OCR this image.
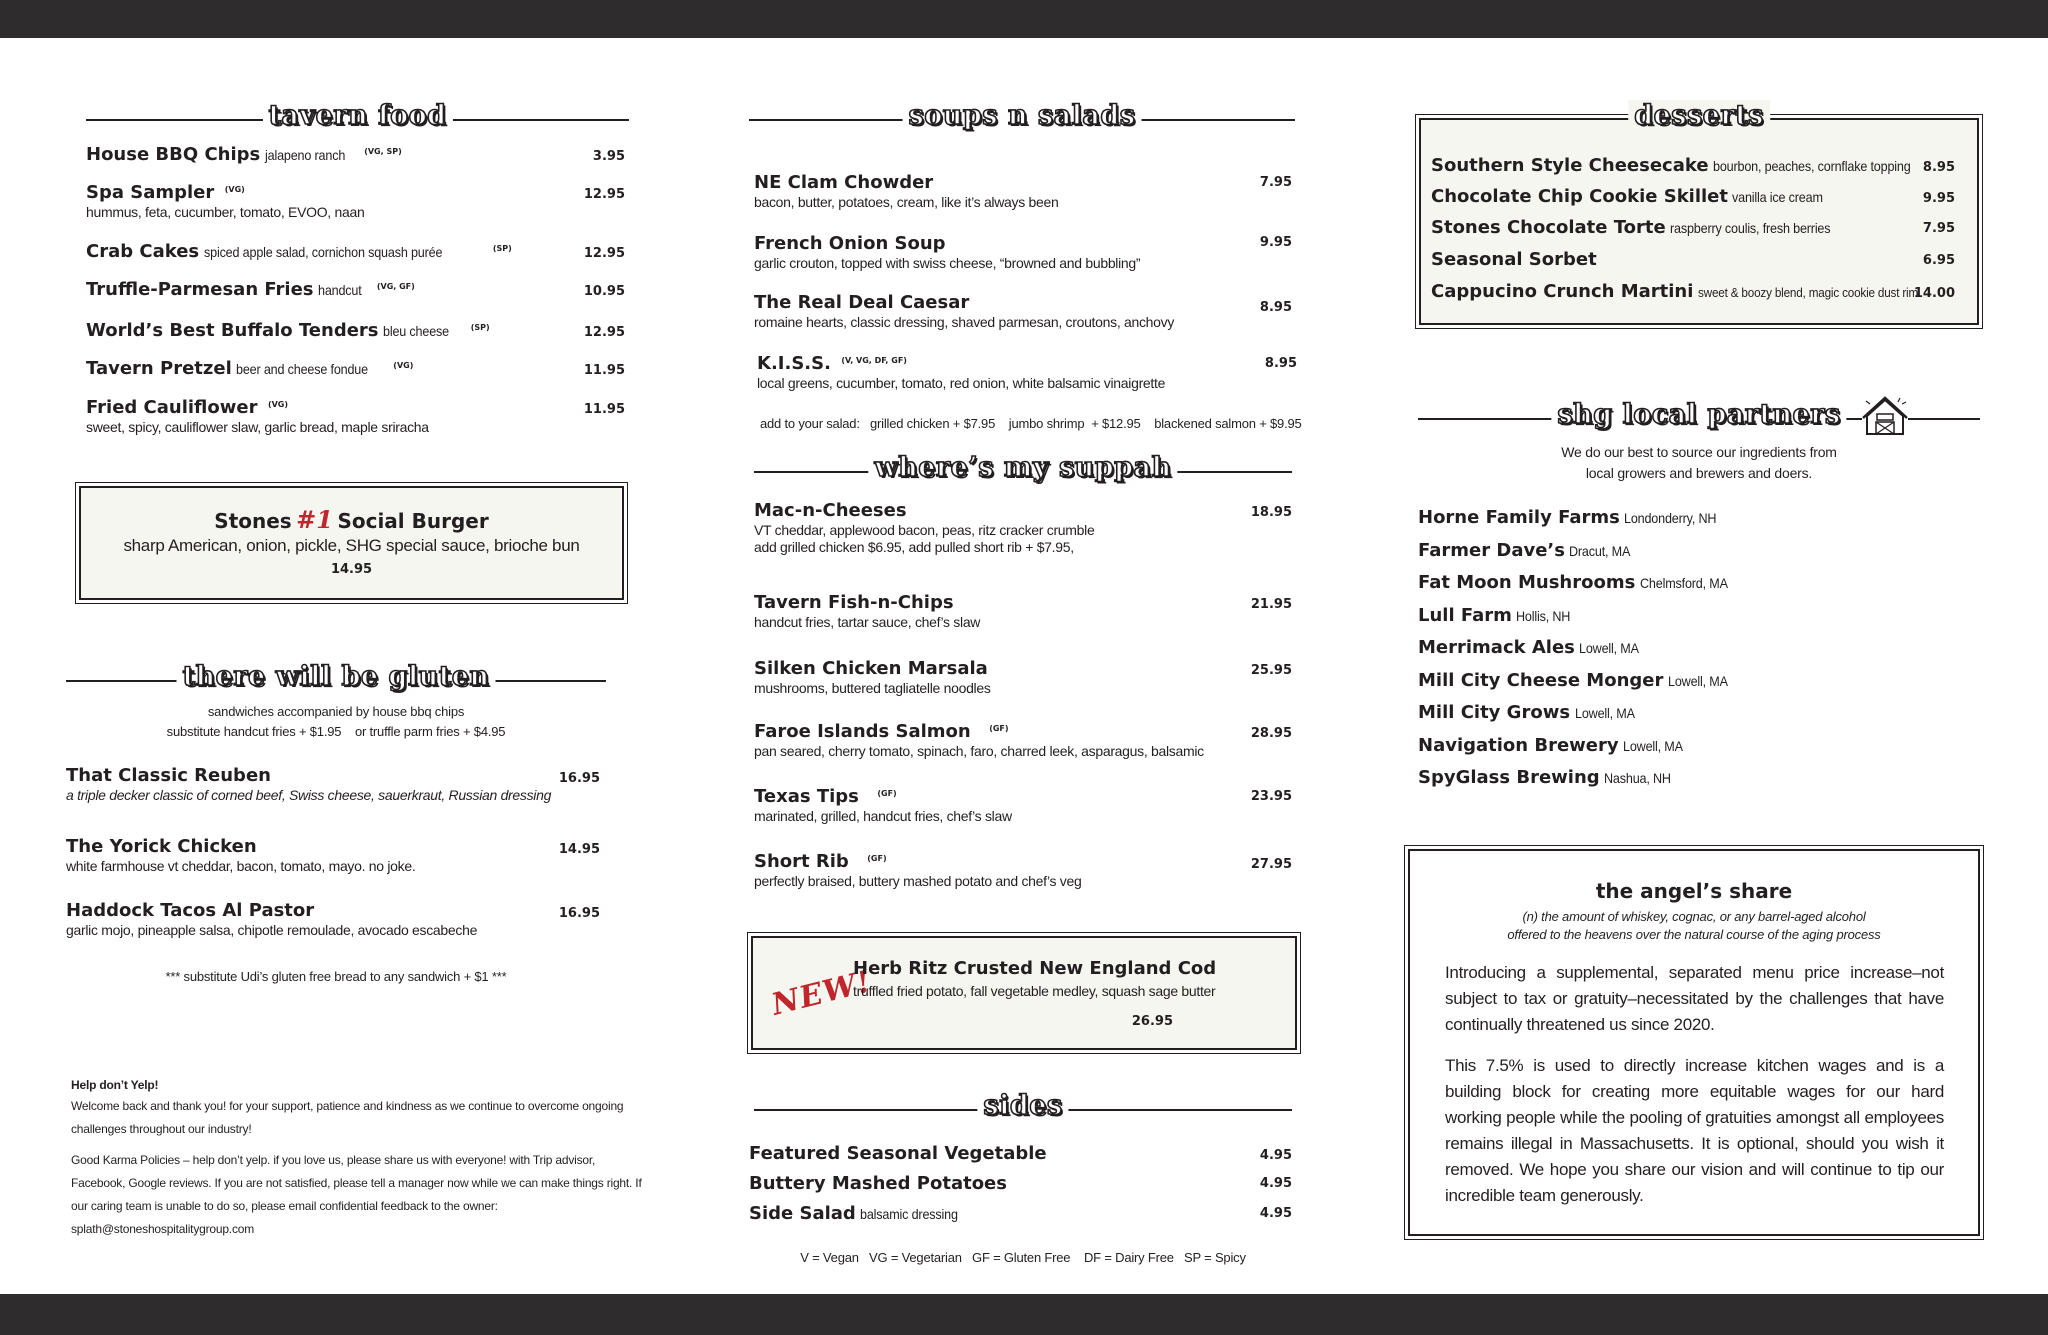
tavern food
House BBQ Chips jalapeno ranch $^{(VG, SP)}$	3.95
Spa Sampler $^{(VG)}$
hummus, feta, cucumber, tomato, EVOO, naan
12.95
Crab Cakes spiced apple salad, cornichon squash purée	$^{(SP)}$	12.95
Truffle-Parmesan Fries handcut $^{(VG, GF)}$	10.95
World’s Best Buffalo Tenders bleu cheese	$^{(SP)}$	12.95
Tavern Pretzel beer and cheese fondue	$^{(VG)}$	11.95
Fried Cauliflower $^{(VG)}$
sweet, spicy, cauliflower slaw, garlic bread, maple sriracha
11.95
Stones #1 Social Burger
sharp American, onion, pickle, SHG special sauce, brioche bun
14.95
there will be gluten
sandwiches accompanied by house bbq chips
substitute handcut fries + $1.95    or truffle parm fries + $4.95
That Classic Reuben
a triple decker classic of corned beef, Swiss cheese, sauerkraut, Russian dressing
16.95
The Yorick Chicken
white farmhouse vt cheddar, bacon, tomato, mayo. no joke.
14.95
Haddock Tacos Al Pastor
garlic mojo, pineapple salsa, chipotle remoulade, avocado escabeche
16.95
*** substitute Udi’s gluten free bread to any sandwich + $1 ***
Help don’t Yelp!
Welcome back and thank you! for your support, patience and kindness as we continue to overcome ongoing challenges throughout our industry!
Good Karma Policies – help don’t yelp. if you love us, please share us with everyone! with Trip advisor, Facebook, Google reviews. If you are not satisfied, please tell a manager now while we can make things right. If our caring team is unable to do so, please email confidential feedback to the owner: splath@stoneshospitalitygroup.com
soups n salads
NE Clam Chowder
bacon, butter, potatoes, cream, like it’s always been
7.95
French Onion Soup
garlic crouton, topped with swiss cheese, “browned and bubbling”
9.95
The Real Deal Caesar
romaine hearts, classic dressing, shaved parmesan, croutons, anchovy
8.95
K.I.S.S. $^{(V, VG, DF, GF)}$
local greens, cucumber, tomato, red onion, white balsamic vinaigrette
8.95
add to your salad:   grilled chicken + $7.95    jumbo shrimp  + $12.95    blackened salmon + $9.95
where’s my suppah
Mac-n-Cheeses
VT cheddar, applewood bacon, peas, ritz cracker crumble
add grilled chicken $6.95, add pulled short rib + $7.95,
18.95
Tavern Fish-n-Chips
handcut fries, tartar sauce, chef’s slaw
21.95
Silken Chicken Marsala
mushrooms, buttered tagliatelle noodles
25.95
Faroe Islands Salmon $^{(GF)}$
pan seared, cherry tomato, spinach, faro, charred leek, asparagus, balsamic
28.95
Texas Tips $^{(GF)}$
marinated, grilled, handcut fries, chef’s slaw
23.95
Short Rib $^{(GF)}$
perfectly braised, buttery mashed potato and chef’s veg
27.95
NEW!
Herb Ritz Crusted New England Cod
truffled fried potato, fall vegetable medley, squash sage butter
26.95
sides
Featured Seasonal Vegetable	4.95
Buttery Mashed Potatoes	4.95
Side Salad balsamic dressing	4.95
V = Vegan   VG = Vegetarian   GF = Gluten Free    DF = Dairy Free   SP = Spicy
desserts
Southern Style Cheesecake bourbon, peaches, cornflake topping 8.95
Chocolate Chip Cookie Skillet vanilla ice cream	9.95
Stones Chocolate Torte raspberry coulis, fresh berries	7.95
Seasonal Sorbet	6.95
Cappucino Crunch Martini sweet & boozy blend, magic cookie dust rim
14.00
shg local partners
We do our best to source our ingredients from
local growers and brewers and doers.
Horne Family Farms Londonderry, NH
Farmer Dave’s Dracut, MA
Fat Moon Mushrooms Chelmsford, MA
Lull Farm Hollis, NH
Merrimack Ales Lowell, MA
Mill City Cheese Monger Lowell, MA
Mill City Grows Lowell, MA
Navigation Brewery Lowell, MA
SpyGlass Brewing Nashua, NH
the angel’s share
(n) the amount of whiskey, cognac, or any barrel-aged alcohol
offered to the heavens over the natural course of the aging process
Introducing a supplemental, separated menu price increase–not subject to tax or gratuity–necessitated by the challenges that have continually threatened us since 2020.
This 7.5% is used to directly increase kitchen wages and is a building block for creating more equitable wages for our hard working people while the pooling of gratuities amongst all employees remains illegal in Massachusetts. It is optional, should you wish it removed. We hope you share our vision and will continue to tip our incredible team generously.
